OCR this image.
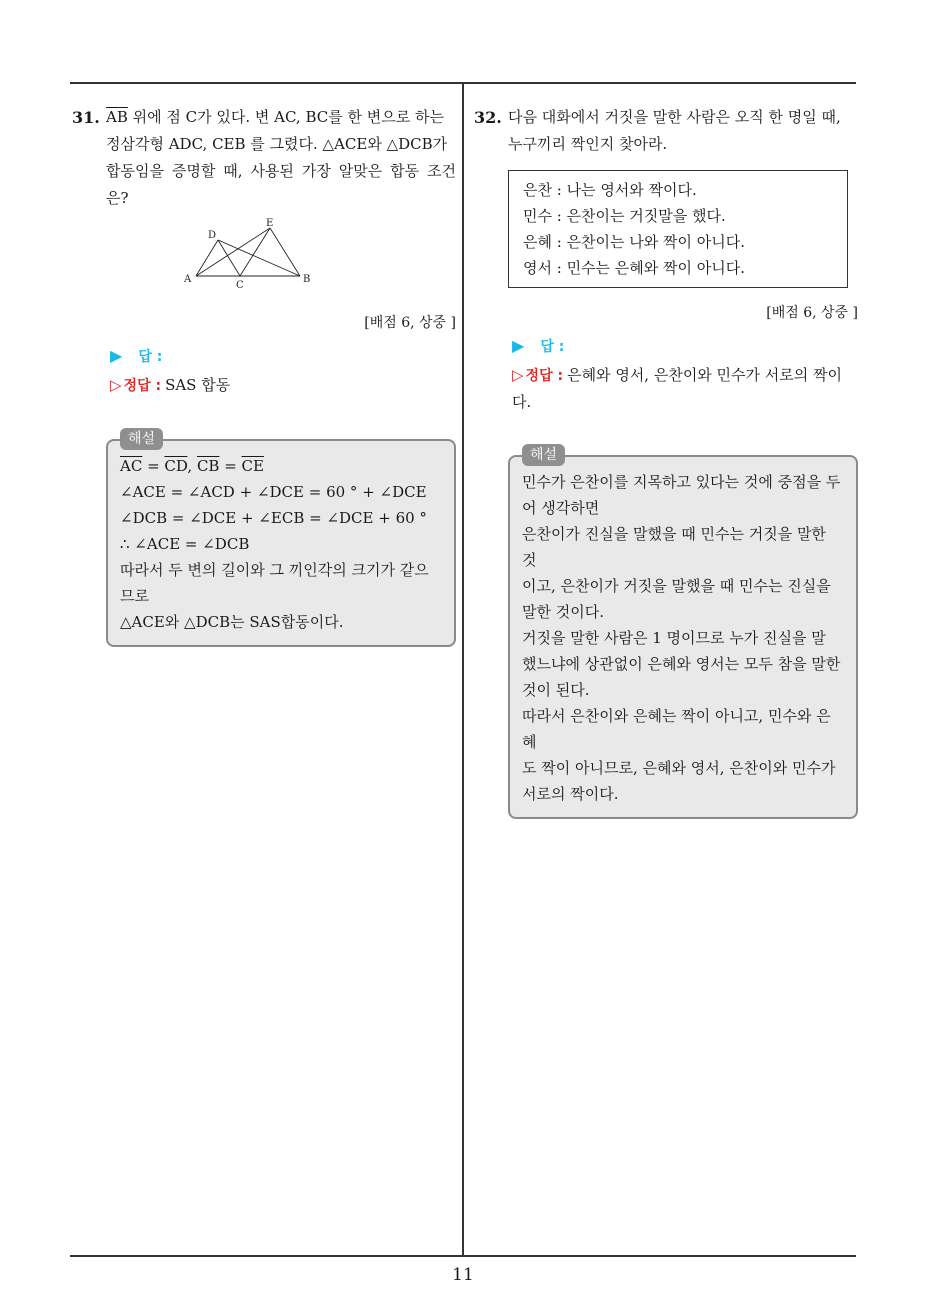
31. $\overline{AB}$ 위에 점 C가 있다. 변 AC, BC를 한 변으로 하는
정삼각형 ADC, CEB 를 그렸다. △ACE와 △DCB가
합동임을 증명할 때, 사용된 가장 알맞은 합동 조건은?
A	B
C
D
E
[배점 6, 상중 ]
▶ 답 :
▷ 정답 : SAS 합동
해설
$\overline{AC} = \overline{CD}$, $\overline{CB} = \overline{CE}$
∠ACE = ∠ACD + ∠DCE = 60 ° + ∠DCE
∠DCB = ∠DCE + ∠ECB = ∠DCE + 60 °
∴ ∠ACE = ∠DCB
따라서 두 변의 길이와 그 끼인각의 크기가 같으
므로
△ACE와 △DCB는 SAS합동이다.
32. 다음 대화에서 거짓을 말한 사람은 오직 한 명일 때,
누구끼리 짝인지 찾아라.
은찬 : 나는 영서와 짝이다.
민수 : 은찬이는 거짓말을 했다.
은혜 : 은찬이는 나와 짝이 아니다.
영서 : 민수는 은혜와 짝이 아니다.
[배점 6, 상중 ]
▶ 답 :
▷ 정답 : 은혜와 영서, 은찬이와 민수가 서로의 짝이
다.
해설
민수가 은찬이를 지목하고 있다는 것에 중점을 두
어 생각하면
은찬이가 진실을 말했을 때 민수는 거짓을 말한 것
이고, 은찬이가 거짓을 말했을 때 민수는 진실을
말한 것이다.
거짓을 말한 사람은 1 명이므로 누가 진실을 말
했느냐에 상관없이 은혜와 영서는 모두 참을 말한
것이 된다.
따라서 은찬이와 은혜는 짝이 아니고, 민수와 은혜
도 짝이 아니므로, 은혜와 영서, 은찬이와 민수가
서로의 짝이다.
11
